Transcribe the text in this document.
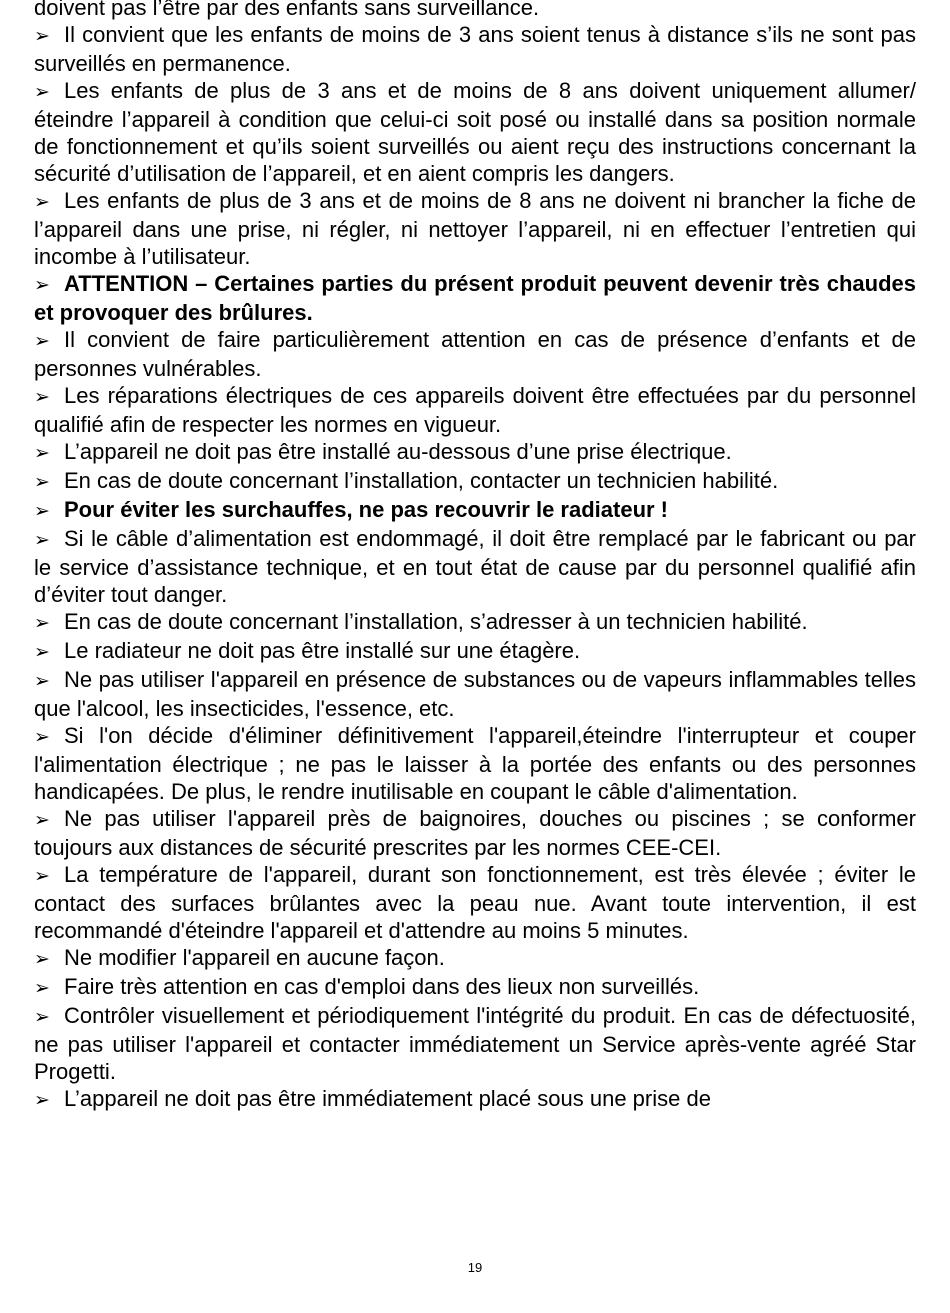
doivent pas l’être par des enfants sans surveillance.

➢ Il convient que les enfants de moins de 3 ans soient tenus à distance s’ils ne sont pas surveillés en permanence.

➢ Les enfants de plus de 3 ans et de moins de 8 ans doivent uniquement allumer/éteindre l’appareil à condition que celui-ci soit posé ou installé dans sa position normale de fonctionnement et qu’ils soient surveillés ou aient reçu des instructions concernant la sécurité d’utilisation de l’appareil, et en aient compris les dangers.

➢ Les enfants de plus de 3 ans et de moins de 8 ans ne doivent ni brancher la fiche de l’appareil dans une prise, ni régler, ni nettoyer l’appareil, ni en effectuer l’entretien qui incombe à l’utilisateur.

➢ ATTENTION – Certaines parties du présent produit peuvent devenir très chaudes et provoquer des brûlures.

➢ Il convient de faire particulièrement attention en cas de présence d’enfants et de personnes vulnérables.

➢ Les réparations électriques de ces appareils doivent être effectuées par du personnel qualifié afin de respecter les normes en vigueur.

➢ L’appareil ne doit pas être installé au-dessous d’une prise électrique.

➢ En cas de doute concernant l’installation, contacter un technicien habilité.

➢ Pour éviter les surchauffes, ne pas recouvrir le radiateur !

➢ Si le câble d’alimentation est endommagé, il doit être remplacé par le fabricant ou par le service d’assistance technique, et en tout état de cause par du personnel qualifié afin d’éviter tout danger.

➢ En cas de doute concernant l’installation, s’adresser à un technicien habilité.

➢ Le radiateur ne doit pas être installé sur une étagère.

➢ Ne pas utiliser l'appareil en présence de substances ou de vapeurs inflammables telles que l'alcool, les insecticides, l'essence, etc.

➢ Si l'on décide d'éliminer définitivement l'appareil,éteindre l'interrupteur et couper l'alimentation électrique ; ne pas le laisser à la portée des enfants ou des personnes handicapées. De plus, le rendre inutilisable en coupant le câble d'alimentation.

➢ Ne pas utiliser l'appareil près de baignoires, douches ou piscines ; se conformer toujours aux distances de sécurité prescrites par les normes CEE-CEI.

➢ La température de l'appareil, durant son fonctionnement, est très élevée ; éviter le contact des surfaces brûlantes avec la peau nue. Avant toute intervention, il est recommandé d'éteindre l'appareil et d'attendre au moins 5 minutes.

➢ Ne modifier l'appareil en aucune façon.

➢ Faire très attention en cas d'emploi dans des lieux non surveillés.

➢ Contrôler visuellement et périodiquement l'intégrité du produit. En cas de défectuosité, ne pas utiliser l'appareil et contacter immédiatement un Service après-vente agréé Star Progetti.

➢ L’appareil ne doit pas être immédiatement placé sous une prise de

19
